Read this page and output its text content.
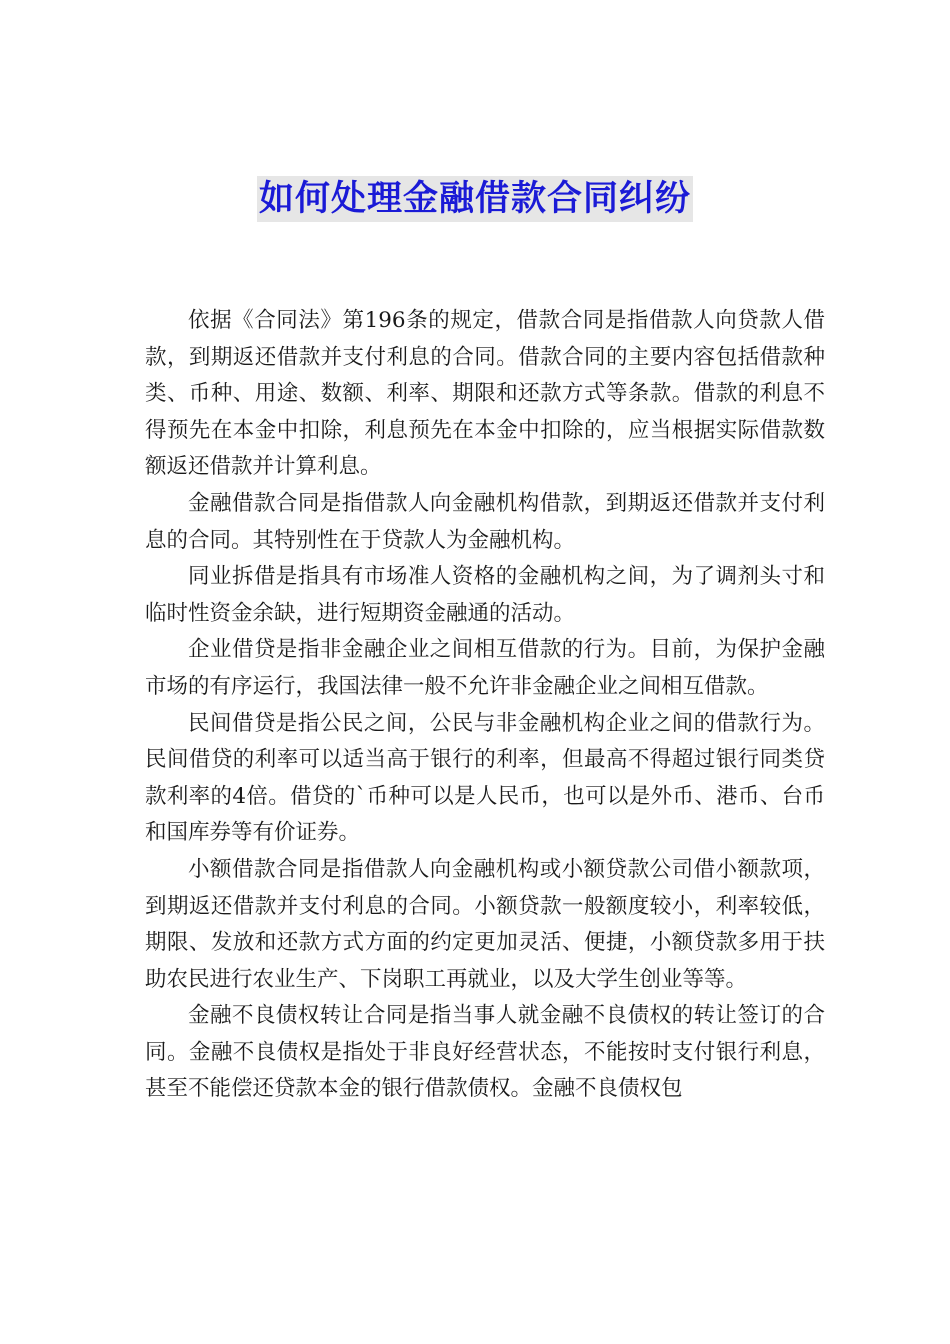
如何处理金融借款合同纠纷

依据《合同法》第196条的规定，借款合同是指借款人向贷款人借款，到期返还借款并支付利息的合同。借款合同的主要内容包括借款种类、币种、用途、数额、利率、期限和还款方式等条款。借款的利息不得预先在本金中扣除，利息预先在本金中扣除的，应当根据实际借款数额返还借款并计算利息。

金融借款合同是指借款人向金融机构借款，到期返还借款并支付利息的合同。其特别性在于贷款人为金融机构。

同业拆借是指具有市场准人资格的金融机构之间，为了调剂头寸和临时性资金余缺，进行短期资金融通的活动。

企业借贷是指非金融企业之间相互借款的行为。目前，为保护金融市场的有序运行，我国法律一般不允许非金融企业之间相互借款。

民间借贷是指公民之间，公民与非金融机构企业之间的借款行为。民间借贷的利率可以适当高于银行的利率，但最高不得超过银行同类贷款利率的4倍。借贷的`币种可以是人民币，也可以是外币、港币、台币和国库券等有价证券。

小额借款合同是指借款人向金融机构或小额贷款公司借小额款项，到期返还借款并支付利息的合同。小额贷款一般额度较小，利率较低，期限、发放和还款方式方面的约定更加灵活、便捷，小额贷款多用于扶助农民进行农业生产、下岗职工再就业，以及大学生创业等等。

金融不良债权转让合同是指当事人就金融不良债权的转让签订的合同。金融不良债权是指处于非良好经营状态，不能按时支付银行利息，甚至不能偿还贷款本金的银行借款债权。金融不良债权包
